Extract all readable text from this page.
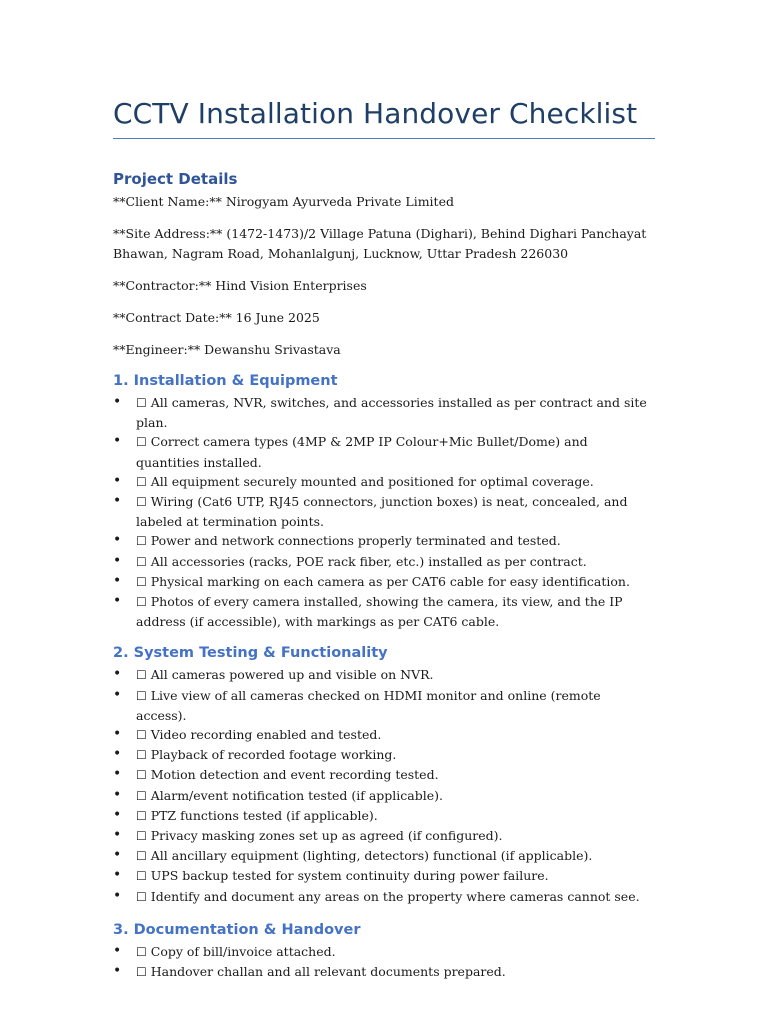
CCTV Installation Handover Checklist
Project Details

**Client Name:** Nirogyam Ayurveda Private Limited

**Site Address:** (1472-1473)/2 Village Patuna (Dighari), Behind Dighari Panchayat Bhawan, Nagram Road, Mohanlalgunj, Lucknow, Uttar Pradesh 226030

**Contractor:** Hind Vision Enterprises

**Contract Date:** 16 June 2025

**Engineer:** Dewanshu Srivastava

1. Installation & Equipment
•	☐ All cameras, NVR, switches, and accessories installed as per contract and site plan.
•	☐ Correct camera types (4MP & 2MP IP Colour+Mic Bullet/Dome) and quantities installed.
•	☐ All equipment securely mounted and positioned for optimal coverage.
•	☐ Wiring (Cat6 UTP, RJ45 connectors, junction boxes) is neat, concealed, and labeled at termination points.
•	☐ Power and network connections properly terminated and tested.
•	☐ All accessories (racks, POE rack fiber, etc.) installed as per contract.
•	☐ Physical marking on each camera as per CAT6 cable for easy identification.
•	☐ Photos of every camera installed, showing the camera, its view, and the IP address (if accessible), with markings as per CAT6 cable.
2. System Testing & Functionality
•	☐ All cameras powered up and visible on NVR.
•	☐ Live view of all cameras checked on HDMI monitor and online (remote access).
•	☐ Video recording enabled and tested.
•	☐ Playback of recorded footage working.
•	☐ Motion detection and event recording tested.
•	☐ Alarm/event notification tested (if applicable).
•	☐ PTZ functions tested (if applicable).
•	☐ Privacy masking zones set up as agreed (if configured).
•	☐ All ancillary equipment (lighting, detectors) functional (if applicable).
•	☐ UPS backup tested for system continuity during power failure.
•	☐ Identify and document any areas on the property where cameras cannot see.
3. Documentation & Handover
•	☐ Copy of bill/invoice attached.
•	☐ Handover challan and all relevant documents prepared.
